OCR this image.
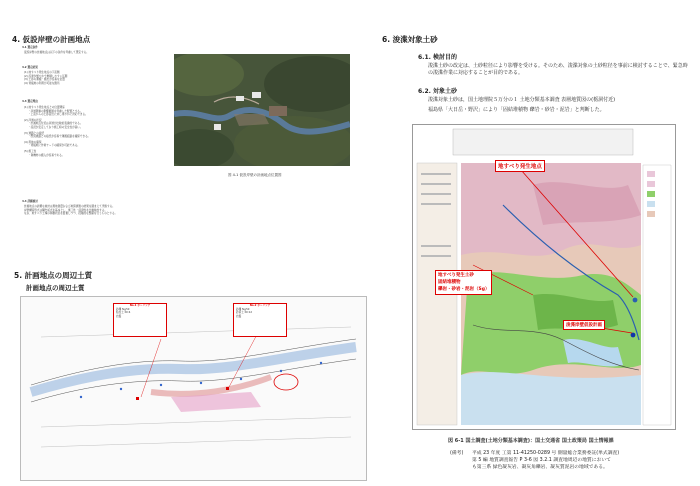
4. 仮設岸壁の計画地点
4.1 選定条件
仮設岸壁の計画地点は以下の条件を考慮して選定する。
4.2 選定結果
(1) 地すべり発生地点の下流側
(2) 流速が緩やかで堆積しやすい区間
(3) 土砂の運搬・搬出が容易な位置
(4) 背後地の利用が可能な箇所
4.3 選定理由
(1) 地すべり発生地点との位置関係
・河道閉塞の影響範囲を考慮した配置とする。
・上流からの土砂流出に対し速やかに対応できる。
(2) 河道の状況
・計画地点付近は河道が比較的直線的である。
・流況が安定しており施工時の安全性が高い。
(3) 道路との接続
・既設道路との接続が容易で運搬経路を確保できる。
(4) 用地の確保
・背後地に作業ヤードの確保が可能である。
(5) 施工性
・資機材の搬入が容易である。
4.4 詳細検討
計画地点の詳細な検討は現地測量および地質調査の結果を踏まえて実施する。
岸壁構造形式は鋼矢板式を基本とし、施工性・経済性を比較検討する。
なお、地すべり土塊の移動状況を監視しつつ、段階的な整備を行うものとする。
図 4-1 仮設岸壁の計画地点位置図
5. 計画地点の周辺土質
計画地点の周辺土質
No.1 ボーリング
砂礫 N≧50
粘性土 N=4
岩盤
No.2 ボーリング
砂礫 N≧50
砂質土 N=12
岩盤
6. 浚渫対象土砂
6.1. 検討目的
浚渫土砂の改定は、土砂粒径により影響を受ける。そのため、浚渫対象の土砂粒径を事前に検討することで、緊急時の浚渫作業に対応することが目的である。
6.2. 対象土砂
浚渫対象土砂は，国土地理院５万分の１ 土地分類基本調査 表層地質図の(栃洞付近)
福島県「大日岳・野沢」により「固結堆積物 礫岩・砂岩・泥岩」と判断した。
地すべり発生地点
地すべり発生土砂
固結堆積物
礫岩・砂岩・泥岩（Sg）
浚渫岸壁仮設計画
図 6-1 国土調査(土地分類基本調査)：国土交通省 国土政策局 国土情報課
(備考) 平成 23 年度 工第 11-41250-0289 号 側量総合業務委託(単式調査)
第 5 編 地質調査報告 P 3-6 図 3.2.1 調査地周辺の地質において
も第三系 緑色凝灰岩、凝灰角礫岩、凝灰質泥岩の地域である。
